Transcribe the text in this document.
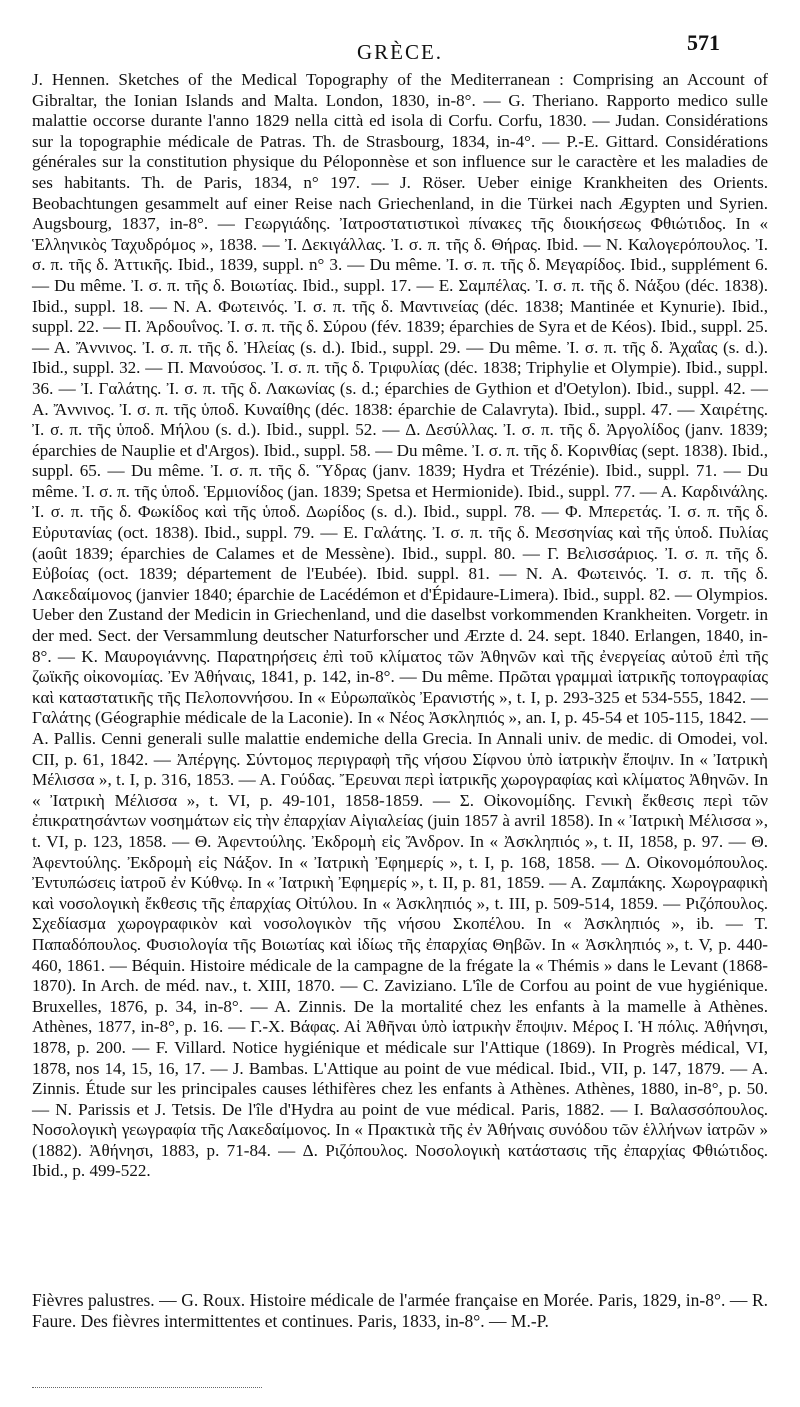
GRÈCE.	571
J. Hennen. Sketches of the Medical Topography of the Mediterranean : Comprising an Account of Gibraltar, the Ionian Islands and Malta. London, 1830, in-8°. — G. Theriano. Rapporto medico sulle malattie occorse durante l'anno 1829 nella città ed isola di Corfu. Corfu, 1830. — Judan. Considérations sur la topographie médicale de Patras. Th. de Strasbourg, 1834, in-4°. — P.-E. Gittard. Considérations générales sur la constitution physique du Péloponnèse et son influence sur le caractère et les maladies de ses habitants. Th. de Paris, 1834, n° 197. — J. Röser. Ueber einige Krankheiten des Orients. Beobachtungen gesammelt auf einer Reise nach Griechenland, in die Türkei nach Ægypten und Syrien. Augsbourg, 1837, in-8°. — Γεωργιάδης. Ἰατροστατιστικοὶ πίνακες τῆς διοικήσεως Φθιώτιδος. In « Ἑλληνικὸς Ταχυδρόμος », 1838. — Ἰ. Δεκιγάλλας. Ἰ. σ. π. τῆς δ. Θήρας. Ibid. — N. Καλογερόπουλος. Ἰ. σ. π. τῆς δ. Ἀττικῆς. Ibid., 1839, suppl. n° 3. — Du même. Ἰ. σ. π. τῆς δ. Μεγαρίδος. Ibid., supplément 6. — Du même. Ἰ. σ. π. τῆς δ. Βοιωτίας. Ibid., suppl. 17. — E. Σαμπέλας. Ἰ. σ. π. τῆς δ. Νάξου (déc. 1838). Ibid., suppl. 18. — N. A. Φωτεινός. Ἰ. σ. π. τῆς δ. Μαντινείας (déc. 1838; Mantinée et Kynurie). Ibid., suppl. 22. — Π. Ἀρδουΐνος. Ἰ. σ. π. τῆς δ. Σύρου (fév. 1839; éparchies de Syra et de Kéos). Ibid., suppl. 25. — A. Ἄννινος. Ἰ. σ. π. τῆς δ. Ἠλείας (s. d.). Ibid., suppl. 29. — Du même. Ἰ. σ. π. τῆς δ. Ἀχαΐας (s. d.). Ibid., suppl. 32. — Π. Μανούσος. Ἰ. σ. π. τῆς δ. Τριφυλίας (déc. 1838; Triphylie et Olympie). Ibid., suppl. 36. — Ἰ. Γαλάτης. Ἰ. σ. π. τῆς δ. Λακωνίας (s. d.; éparchies de Gythion et d'Oetylon). Ibid., suppl. 42. — A. Ἄννινος. Ἰ. σ. π. τῆς ὑποδ. Κυναίθης (déc. 1838: éparchie de Calavryta). Ibid., suppl. 47. — Χαιρέτης. Ἰ. σ. π. τῆς ὑποδ. Μήλου (s. d.). Ibid., suppl. 52. — Δ. Δεσύλλας. Ἰ. σ. π. τῆς δ. Ἀργολίδος (janv. 1839; éparchies de Nauplie et d'Argos). Ibid., suppl. 58. — Du même. Ἰ. σ. π. τῆς δ. Κορινθίας (sept. 1838). Ibid., suppl. 65. — Du même. Ἰ. σ. π. τῆς δ. Ὕδρας (janv. 1839; Hydra et Trézénie). Ibid., suppl. 71. — Du même. Ἰ. σ. π. τῆς ὑποδ. Ἑρμιονίδος (jan. 1839; Spetsa et Hermionide). Ibid., suppl. 77. — A. Καρδινάλης. Ἰ. σ. π. τῆς δ. Φωκίδος καὶ τῆς ὑποδ. Δωρίδος (s. d.). Ibid., suppl. 78. — Φ. Μπερετάς. Ἰ. σ. π. τῆς δ. Εὐρυτανίας (oct. 1838). Ibid., suppl. 79. — E. Γαλάτης. Ἰ. σ. π. τῆς δ. Μεσσηνίας καὶ τῆς ὑποδ. Πυλίας (août 1839; éparchies de Calames et de Messène). Ibid., suppl. 80. — Γ. Βελισσάριος. Ἰ. σ. π. τῆς δ. Εὐβοίας (oct. 1839; département de l'Eubée). Ibid. suppl. 81. — N. A. Φωτεινός. Ἰ. σ. π. τῆς δ. Λακεδαίμονος (janvier 1840; éparchie de Lacédémon et d'Épidaure-Limera). Ibid., suppl. 82. — Olympios. Ueber den Zustand der Medicin in Griechenland, und die daselbst vorkommenden Krankheiten. Vorgetr. in der med. Sect. der Versammlung deutscher Naturforscher und Ærzte d. 24. sept. 1840. Erlangen, 1840, in-8°. — K. Μαυρογιάννης. Παρατηρήσεις ἐπὶ τοῦ κλίματος τῶν Ἀθηνῶν καὶ τῆς ἐνεργείας αὐτοῦ ἐπὶ τῆς ζωϊκῆς οἰκονομίας. Ἐν Ἀθήναις, 1841, p. 142, in-8°. — Du même. Πρῶται γραμμαὶ ἰατρικῆς τοπογραφίας καὶ καταστατικῆς τῆς Πελοποννήσου. In « Εὐρωπαϊκὸς Ἐρανιστής », t. I, p. 293-325 et 534-555, 1842. — Γαλάτης (Géographie médicale de la Laconie). In « Νέος Ἀσκληπιός », an. I, p. 45-54 et 105-115, 1842. — A. Pallis. Cenni generali sulle malattie endemiche della Grecia. In Annali univ. de medic. di Omodei, vol. CII, p. 61, 1842. — Ἀπέργης. Σύντομος περιγραφὴ τῆς νήσου Σίφνου ὑπὸ ἰατρικὴν ἔποψιν. In « Ἰατρικὴ Μέλισσα », t. I, p. 316, 1853. — A. Γούδας. Ἔρευναι περὶ ἰατρικῆς χωρογραφίας καὶ κλίματος Ἀθηνῶν. In « Ἰατρικὴ Μέλισσα », t. VI, p. 49-101, 1858-1859. — Σ. Οἰκονομίδης. Γενικὴ ἔκθεσις περὶ τῶν ἐπικρατησάντων νοσημάτων εἰς τὴν ἐπαρχίαν Αἰγιαλείας (juin 1857 à avril 1858). In « Ἰατρικὴ Μέλισσα », t. VI, p. 123, 1858. — Θ. Ἀφεντούλης. Ἐκδρομὴ εἰς Ἄνδρον. In « Ἀσκληπιός », t. II, 1858, p. 97. — Θ. Ἀφεντούλης. Ἐκδρομὴ εἰς Νάξον. In « Ἰατρικὴ Ἐφημερίς », t. I, p. 168, 1858. — Δ. Οἰκονομόπουλος. Ἐντυπώσεις ἰατροῦ ἐν Κύθνῳ. In « Ἰατρικὴ Ἐφημερίς », t. II, p. 81, 1859. — A. Ζαμπάκης. Χωρογραφικὴ καὶ νοσολογικὴ ἔκθεσις τῆς ἐπαρχίας Οἰτύλου. In « Ἀσκληπιός », t. III, p. 509-514, 1859. — Ριζόπουλος. Σχεδίασμα χωρογραφικὸν καὶ νοσολογικὸν τῆς νήσου Σκοπέλου. In « Ἀσκληπιός », ib. — T. Παπαδόπουλος. Φυσιολογία τῆς Βοιωτίας καὶ ἰδίως τῆς ἐπαρχίας Θηβῶν. In « Ἀσκληπιός », t. V, p. 440-460, 1861. — Béquin. Histoire médicale de la campagne de la frégate la « Thémis » dans le Levant (1868-1870). In Arch. de méd. nav., t. XIII, 1870. — C. Zaviziano. L'île de Corfou au point de vue hygiénique. Bruxelles, 1876, p. 34, in-8°. — A. Zinnis. De la mortalité chez les enfants à la mamelle à Athènes. Athènes, 1877, in-8°, p. 16. — Γ.-X. Βάφας. Αἱ Ἀθῆναι ὑπὸ ἰατρικὴν ἔποψιν. Μέρος I. Ἡ πόλις. Ἀθήνησι, 1878, p. 200. — F. Villard. Notice hygiénique et médicale sur l'Attique (1869). In Progrès médical, VI, 1878, nos 14, 15, 16, 17. — J. Bambas. L'Attique au point de vue médical. Ibid., VII, p. 147, 1879. — A. Zinnis. Étude sur les principales causes léthifères chez les enfants à Athènes. Athènes, 1880, in-8°, p. 50. — N. Parissis et J. Tetsis. De l'île d'Hydra au point de vue médical. Paris, 1882. — I. Βαλασσόπουλος. Νοσολογικὴ γεωγραφία τῆς Λακεδαίμονος. In « Πρακτικὰ τῆς ἐν Ἀθήναις συνόδου τῶν ἑλλήνων ἰατρῶν » (1882). Ἀθήνησι, 1883, p. 71-84. — Δ. Ριζόπουλος. Νοσολογικὴ κατάστασις τῆς ἐπαρχίας Φθιώτιδος. Ibid., p. 499-522.
Fièvres palustres. — G. Roux. Histoire médicale de l'armée française en Morée. Paris, 1829, in-8°. — R. Faure. Des fièvres intermittentes et continues. Paris, 1833, in-8°. — M.-P.
